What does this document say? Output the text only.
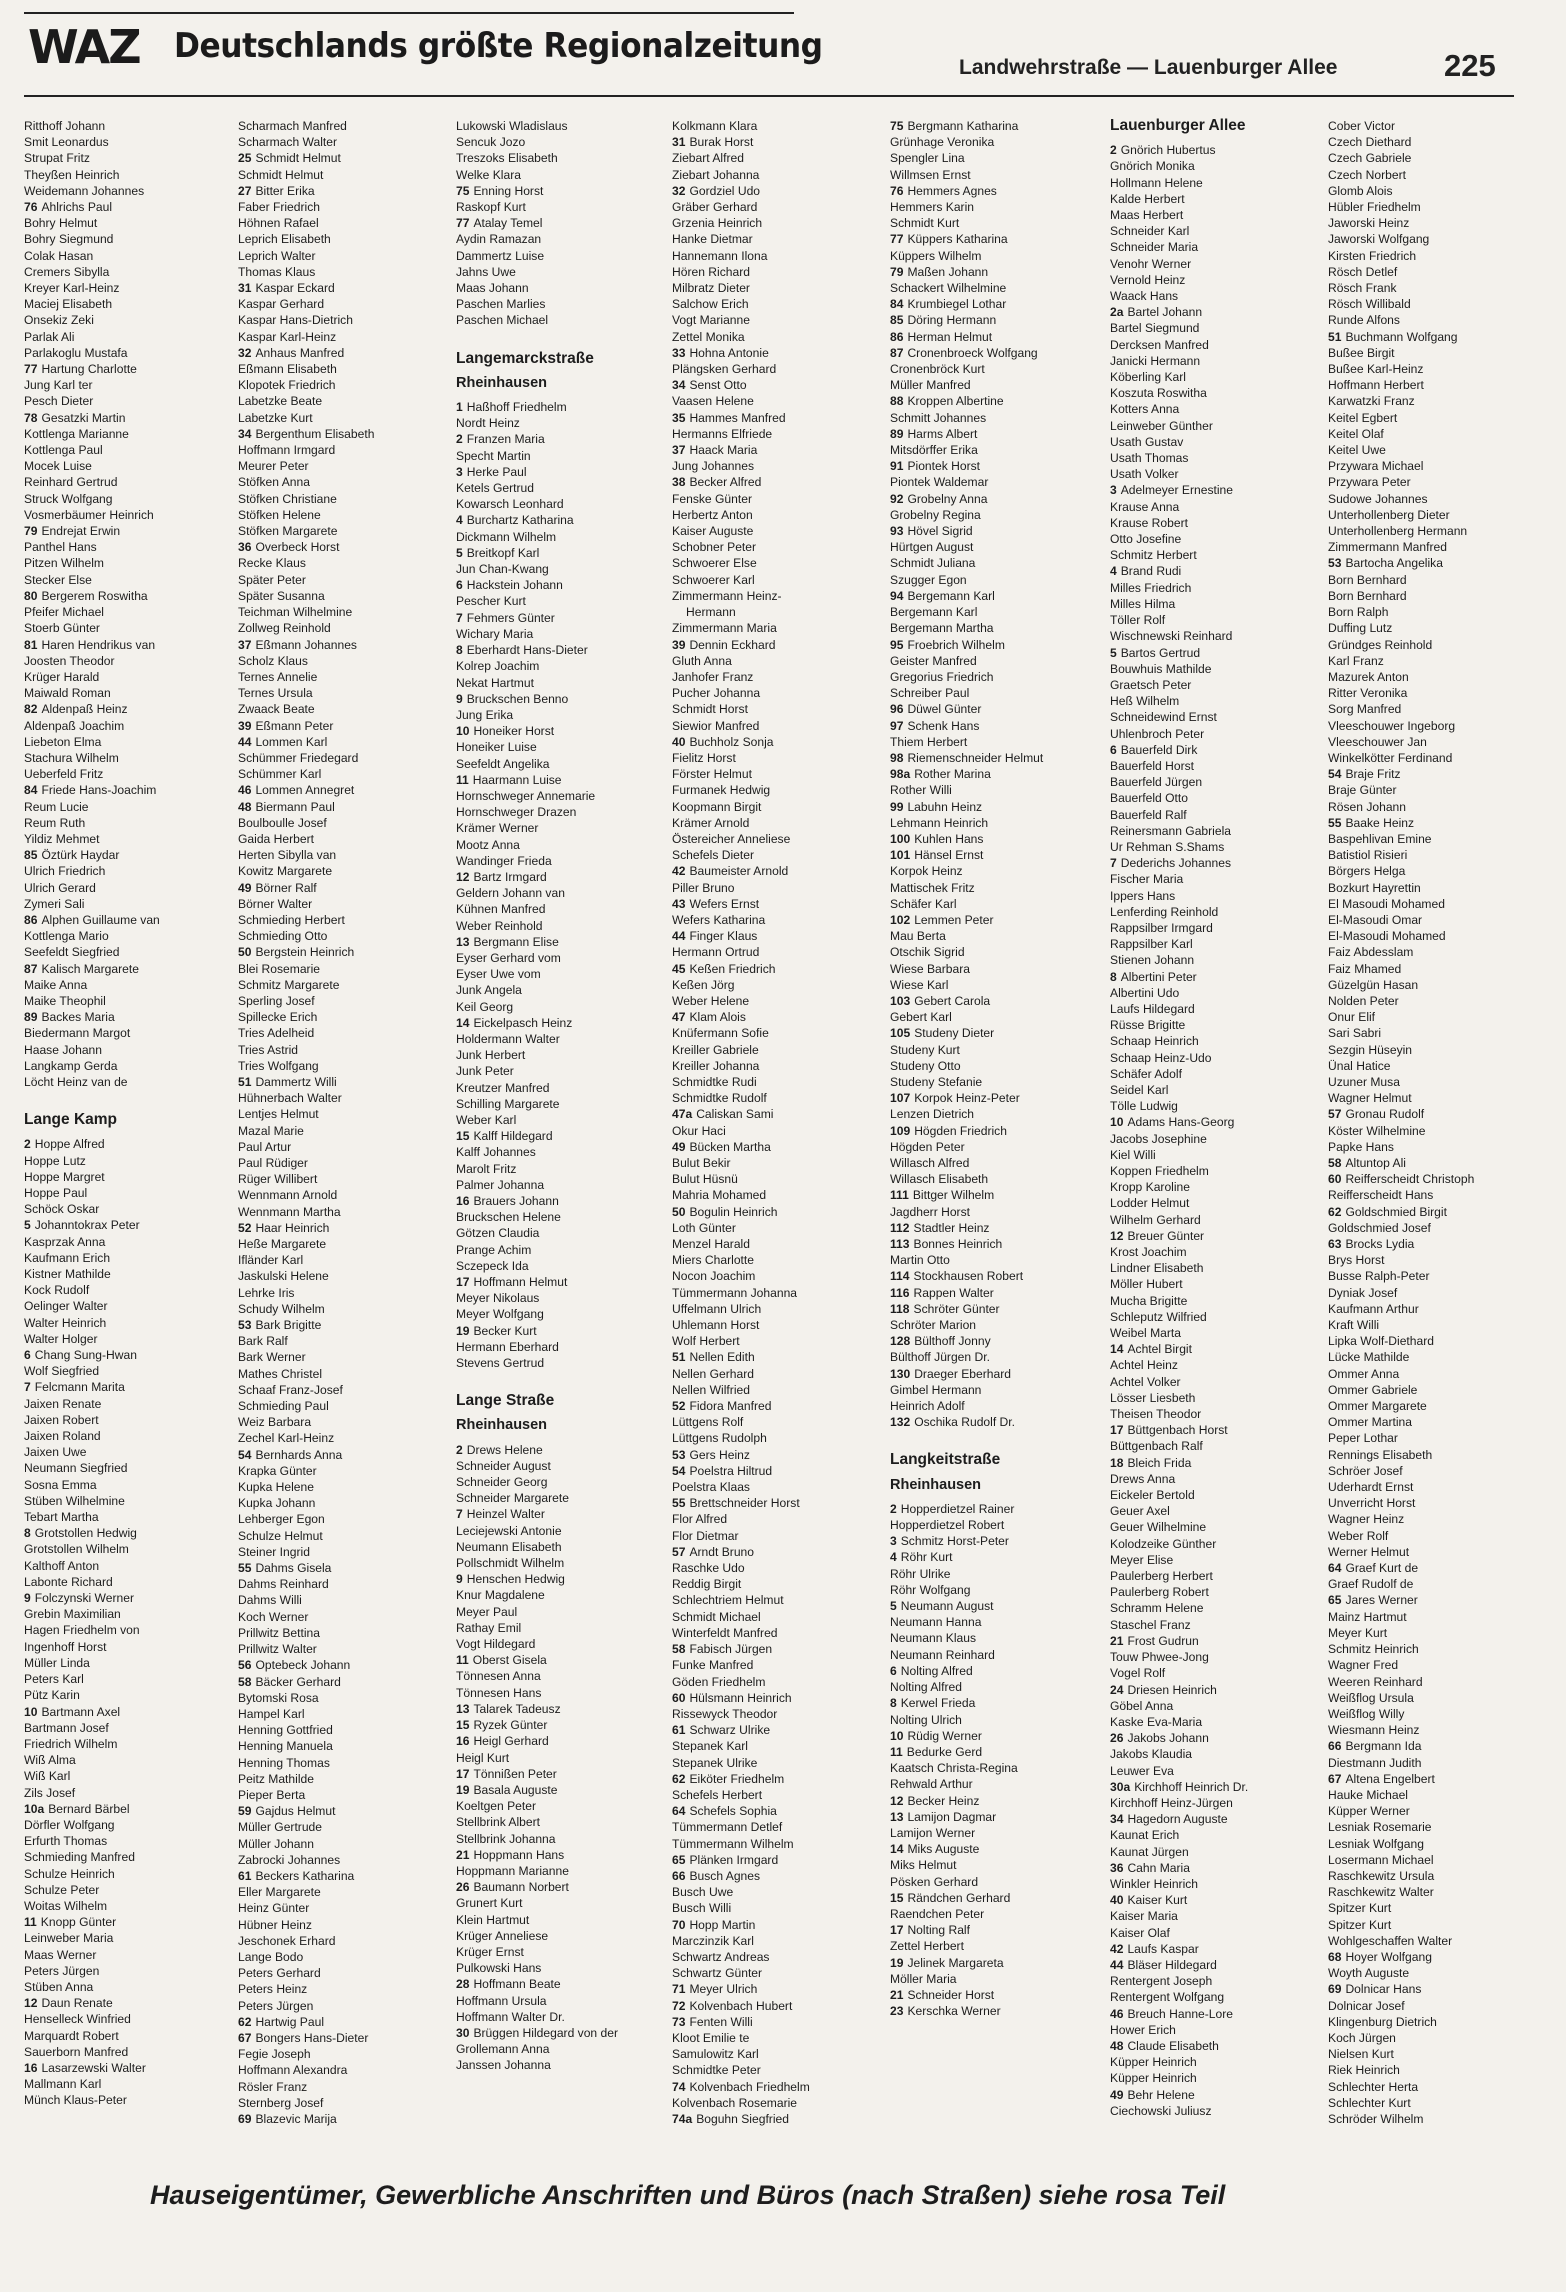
WAZ Deutschlands größte Regionalzeitung
Landwehrstraße — Lauenburger Allee	225
Ritthoff Johann
Smit Leonardus
Strupat Fritz
Theyßen Heinrich
Weidemann Johannes
76 Ahlrichs Paul
Bohry Helmut
Bohry Siegmund
Colak Hasan
Cremers Sibylla
Kreyer Karl-Heinz
Maciej Elisabeth
Onsekiz Zeki
Parlak Ali
Parlakoglu Mustafa
77 Hartung Charlotte
Jung Karl ter
Pesch Dieter
78 Gesatzki Martin
Kottlenga Marianne
Kottlenga Paul
Mocek Luise
Reinhard Gertrud
Struck Wolfgang
Vosmerbäumer Heinrich
79 Endrejat Erwin
Panthel Hans
Pitzen Wilhelm
Stecker Else
80 Bergerem Roswitha
Pfeifer Michael
Stoerb Günter
81 Haren Hendrikus van
Joosten Theodor
Krüger Harald
Maiwald Roman
82 Aldenpaß Heinz
Aldenpaß Joachim
Liebeton Elma
Stachura Wilhelm
Ueberfeld Fritz
84 Friede Hans-Joachim
Reum Lucie
Reum Ruth
Yildiz Mehmet
85 Öztürk Haydar
Ulrich Friedrich
Ulrich Gerard
Zymeri Sali
86 Alphen Guillaume van
Kottlenga Mario
Seefeldt Siegfried
87 Kalisch Margarete
Maike Anna
Maike Theophil
89 Backes Maria
Biedermann Margot
Haase Johann
Langkamp Gerda
Löcht Heinz van de
Lange Kamp
2 Hoppe Alfred
Hoppe Lutz
Hoppe Margret
Hoppe Paul
Schöck Oskar
5 Johanntokrax Peter
Kasprzak Anna
Kaufmann Erich
Kistner Mathilde
Kock Rudolf
Oelinger Walter
Walter Heinrich
Walter Holger
6 Chang Sung-Hwan
Wolf Siegfried
7 Felcmann Marita
Jaixen Renate
Jaixen Robert
Jaixen Roland
Jaixen Uwe
Neumann Siegfried
Sosna Emma
Stüben Wilhelmine
Tebart Martha
8 Grotstollen Hedwig
Grotstollen Wilhelm
Kalthoff Anton
Labonte Richard
9 Folczynski Werner
Grebin Maximilian
Hagen Friedhelm von
Ingenhoff Horst
Müller Linda
Peters Karl
Pütz Karin
10 Bartmann Axel
Bartmann Josef
Friedrich Wilhelm
Wiß Alma
Wiß Karl
Zils Josef
10a Bernard Bärbel
Dörfler Wolfgang
Erfurth Thomas
Schmieding Manfred
Schulze Heinrich
Schulze Peter
Woitas Wilhelm
11 Knopp Günter
Leinweber Maria
Maas Werner
Peters Jürgen
Stüben Anna
12 Daun Renate
Henselleck Winfried
Marquardt Robert
Sauerborn Manfred
16 Lasarzewski Walter
Mallmann Karl
Münch Klaus-Peter
Scharmach Manfred
Scharmach Walter
25 Schmidt Helmut
Schmidt Helmut
27 Bitter Erika
Faber Friedrich
Höhnen Rafael
Leprich Elisabeth
Leprich Walter
Thomas Klaus
31 Kaspar Eckard
Kaspar Gerhard
Kaspar Hans-Dietrich
Kaspar Karl-Heinz
32 Anhaus Manfred
Eßmann Elisabeth
Klopotek Friedrich
Labetzke Beate
Labetzke Kurt
34 Bergenthum Elisabeth
Hoffmann Irmgard
Meurer Peter
Stöfken Anna
Stöfken Christiane
Stöfken Helene
Stöfken Margarete
36 Overbeck Horst
Recke Klaus
Später Peter
Später Susanna
Teichman Wilhelmine
Zollweg Reinhold
37 Eßmann Johannes
Scholz Klaus
Ternes Annelie
Ternes Ursula
Zwaack Beate
39 Eßmann Peter
44 Lommen Karl
Schümmer Friedegard
Schümmer Karl
46 Lommen Annegret
48 Biermann Paul
Boulboulle Josef
Gaida Herbert
Herten Sibylla van
Kowitz Margarete
49 Börner Ralf
Börner Walter
Schmieding Herbert
Schmieding Otto
50 Bergstein Heinrich
Blei Rosemarie
Schmitz Margarete
Sperling Josef
Spillecke Erich
Tries Adelheid
Tries Astrid
Tries Wolfgang
51 Dammertz Willi
Hühnerbach Walter
Lentjes Helmut
Mazal Marie
Paul Artur
Paul Rüdiger
Rüger Willibert
Wennmann Arnold
Wennmann Martha
52 Haar Heinrich
Heße Margarete
Ifländer Karl
Jaskulski Helene
Lehrke Iris
Schudy Wilhelm
53 Bark Brigitte
Bark Ralf
Bark Werner
Mathes Christel
Schaaf Franz-Josef
Schmieding Paul
Weiz Barbara
Zechel Karl-Heinz
54 Bernhards Anna
Krapka Günter
Kupka Helene
Kupka Johann
Lehberger Egon
Schulze Helmut
Steiner Ingrid
55 Dahms Gisela
Dahms Reinhard
Dahms Willi
Koch Werner
Prillwitz Bettina
Prillwitz Walter
56 Optebeck Johann
58 Bäcker Gerhard
Bytomski Rosa
Hampel Karl
Henning Gottfried
Henning Manuela
Henning Thomas
Peitz Mathilde
Pieper Berta
59 Gajdus Helmut
Müller Gertrude
Müller Johann
Zabrocki Johannes
61 Beckers Katharina
Eller Margarete
Heinz Günter
Hübner Heinz
Jeschonek Erhard
Lange Bodo
Peters Gerhard
Peters Heinz
Peters Jürgen
62 Hartwig Paul
67 Bongers Hans-Dieter
Fegie Joseph
Hoffmann Alexandra
Rösler Franz
Sternberg Josef
69 Blazevic Marija
Lukowski Wladislaus
Sencuk Jozo
Treszoks Elisabeth
Welke Klara
75 Enning Horst
Raskopf Kurt
77 Atalay Temel
Aydin Ramazan
Dammertz Luise
Jahns Uwe
Maas Johann
Paschen Marlies
Paschen Michael
Langemarckstraße
Rheinhausen
1 Haßhoff Friedhelm
Nordt Heinz
2 Franzen Maria
Specht Martin
3 Herke Paul
Ketels Gertrud
Kowarsch Leonhard
4 Burchartz Katharina
Dickmann Wilhelm
5 Breitkopf Karl
Jun Chan-Kwang
6 Hackstein Johann
Pescher Kurt
7 Fehmers Günter
Wichary Maria
8 Eberhardt Hans-Dieter
Kolrep Joachim
Nekat Hartmut
9 Bruckschen Benno
Jung Erika
10 Honeiker Horst
Honeiker Luise
Seefeldt Angelika
11 Haarmann Luise
Hornschweger Annemarie
Hornschweger Drazen
Krämer Werner
Mootz Anna
Wandinger Frieda
12 Bartz Irmgard
Geldern Johann van
Kühnen Manfred
Weber Reinhold
13 Bergmann Elise
Eyser Gerhard vom
Eyser Uwe vom
Junk Angela
Keil Georg
14 Eickelpasch Heinz
Holdermann Walter
Junk Herbert
Junk Peter
Kreutzer Manfred
Schilling Margarete
Weber Karl
15 Kalff Hildegard
Kalff Johannes
Marolt Fritz
Palmer Johanna
16 Brauers Johann
Bruckschen Helene
Götzen Claudia
Prange Achim
Sczepeck Ida
17 Hoffmann Helmut
Meyer Nikolaus
Meyer Wolfgang
19 Becker Kurt
Hermann Eberhard
Stevens Gertrud
Lange Straße
Rheinhausen
2 Drews Helene
Schneider August
Schneider Georg
Schneider Margarete
7 Heinzel Walter
Leciejewski Antonie
Neumann Elisabeth
Pollschmidt Wilhelm
9 Henschen Hedwig
Knur Magdalene
Meyer Paul
Rathay Emil
Vogt Hildegard
11 Oberst Gisela
Tönnesen Anna
Tönnesen Hans
13 Talarek Tadeusz
15 Ryzek Günter
16 Heigl Gerhard
Heigl Kurt
17 Tönnißen Peter
19 Basala Auguste
Koeltgen Peter
Stellbrink Albert
Stellbrink Johanna
21 Hoppmann Hans
Hoppmann Marianne
26 Baumann Norbert
Grunert Kurt
Klein Hartmut
Krüger Anneliese
Krüger Ernst
Pulkowski Hans
28 Hoffmann Beate
Hoffmann Ursula
Hoffmann Walter Dr.
30 Brüggen Hildegard von der
Grollemann Anna
Janssen Johanna
Kolkmann Klara
31 Burak Horst
Ziebart Alfred
Ziebart Johanna
32 Gordziel Udo
Gräber Gerhard
Grzenia Heinrich
Hanke Dietmar
Hannemann Ilona
Hören Richard
Milbratz Dieter
Salchow Erich
Vogt Marianne
Zettel Monika
33 Hohna Antonie
Plängsken Gerhard
34 Senst Otto
Vaasen Helene
35 Hammes Manfred
Hermanns Elfriede
37 Haack Maria
Jung Johannes
38 Becker Alfred
Fenske Günter
Herbertz Anton
Kaiser Auguste
Schobner Peter
Schwoerer Else
Schwoerer Karl
Zimmermann Heinz-
Hermann
Zimmermann Maria
39 Dennin Eckhard
Gluth Anna
Janhofer Franz
Pucher Johanna
Schmidt Horst
Siewior Manfred
40 Buchholz Sonja
Fielitz Horst
Förster Helmut
Furmanek Hedwig
Koopmann Birgit
Krämer Arnold
Östereicher Anneliese
Schefels Dieter
42 Baumeister Arnold
Piller Bruno
43 Wefers Ernst
Wefers Katharina
44 Finger Klaus
Hermann Ortrud
45 Keßen Friedrich
Keßen Jörg
Weber Helene
47 Klam Alois
Knüfermann Sofie
Kreiller Gabriele
Kreiller Johanna
Schmidtke Rudi
Schmidtke Rudolf
47a Caliskan Sami
Okur Haci
49 Bücken Martha
Bulut Bekir
Bulut Hüsnü
Mahria Mohamed
50 Bogulin Heinrich
Loth Günter
Menzel Harald
Miers Charlotte
Nocon Joachim
Tümmermann Johanna
Uffelmann Ulrich
Uhlemann Horst
Wolf Herbert
51 Nellen Edith
Nellen Gerhard
Nellen Wilfried
52 Fidora Manfred
Lüttgens Rolf
Lüttgens Rudolph
53 Gers Heinz
54 Poelstra Hiltrud
Poelstra Klaas
55 Brettschneider Horst
Flor Alfred
Flor Dietmar
57 Arndt Bruno
Raschke Udo
Reddig Birgit
Schlechtriem Helmut
Schmidt Michael
Winterfeldt Manfred
58 Fabisch Jürgen
Funke Manfred
Göden Friedhelm
60 Hülsmann Heinrich
Rissewyck Theodor
61 Schwarz Ulrike
Stepanek Karl
Stepanek Ulrike
62 Eiköter Friedhelm
Schefels Herbert
64 Schefels Sophia
Tümmermann Detlef
Tümmermann Wilhelm
65 Plänken Irmgard
66 Busch Agnes
Busch Uwe
Busch Willi
70 Hopp Martin
Marczinzik Karl
Schwartz Andreas
Schwartz Günter
71 Meyer Ulrich
72 Kolvenbach Hubert
73 Fenten Willi
Kloot Emilie te
Samulowitz Karl
Schmidtke Peter
74 Kolvenbach Friedhelm
Kolvenbach Rosemarie
74a Boguhn Siegfried
75 Bergmann Katharina
Grünhage Veronika
Spengler Lina
Willmsen Ernst
76 Hemmers Agnes
Hemmers Karin
Schmidt Kurt
77 Küppers Katharina
Küppers Wilhelm
79 Maßen Johann
Schackert Wilhelmine
84 Krumbiegel Lothar
85 Döring Hermann
86 Herman Helmut
87 Cronenbroeck Wolfgang
Cronenbröck Kurt
Müller Manfred
88 Kroppen Albertine
Schmitt Johannes
89 Harms Albert
Mitsdörffer Erika
91 Piontek Horst
Piontek Waldemar
92 Grobelny Anna
Grobelny Regina
93 Hövel Sigrid
Hürtgen August
Schmidt Juliana
Szugger Egon
94 Bergemann Karl
Bergemann Karl
Bergemann Martha
95 Froebrich Wilhelm
Geister Manfred
Gregorius Friedrich
Schreiber Paul
96 Düwel Günter
97 Schenk Hans
Thiem Herbert
98 Riemenschneider Helmut
98a Rother Marina
Rother Willi
99 Labuhn Heinz
Lehmann Heinrich
100 Kuhlen Hans
101 Hänsel Ernst
Korpok Heinz
Mattischek Fritz
Schäfer Karl
102 Lemmen Peter
Mau Berta
Otschik Sigrid
Wiese Barbara
Wiese Karl
103 Gebert Carola
Gebert Karl
105 Studeny Dieter
Studeny Kurt
Studeny Otto
Studeny Stefanie
107 Korpok Heinz-Peter
Lenzen Dietrich
109 Högden Friedrich
Högden Peter
Willasch Alfred
Willasch Elisabeth
111 Bittger Wilhelm
Jagdherr Horst
112 Stadtler Heinz
113 Bonnes Heinrich
Martin Otto
114 Stockhausen Robert
116 Rappen Walter
118 Schröter Günter
Schröter Marion
128 Bülthoff Jonny
Bülthoff Jürgen Dr.
130 Draeger Eberhard
Gimbel Hermann
Heinrich Adolf
132 Oschika Rudolf Dr.
Langkeitstraße
Rheinhausen
2 Hopperdietzel Rainer
Hopperdietzel Robert
3 Schmitz Horst-Peter
4 Röhr Kurt
Röhr Ulrike
Röhr Wolfgang
5 Neumann August
Neumann Hanna
Neumann Klaus
Neumann Reinhard
6 Nolting Alfred
Nolting Alfred
8 Kerwel Frieda
Nolting Ulrich
10 Rüdig Werner
11 Bedurke Gerd
Kaatsch Christa-Regina
Rehwald Arthur
12 Becker Heinz
13 Lamijon Dagmar
Lamijon Werner
14 Miks Auguste
Miks Helmut
Pösken Gerhard
15 Rändchen Gerhard
Raendchen Peter
17 Nolting Ralf
Zettel Herbert
19 Jelinek Margareta
Möller Maria
21 Schneider Horst
23 Kerschka Werner
Lauenburger Allee
2 Gnörich Hubertus
Gnörich Monika
Hollmann Helene
Kalde Herbert
Maas Herbert
Schneider Karl
Schneider Maria
Venohr Werner
Vernold Heinz
Waack Hans
2a Bartel Johann
Bartel Siegmund
Dercksen Manfred
Janicki Hermann
Köberling Karl
Koszuta Roswitha
Kotters Anna
Leinweber Günther
Usath Gustav
Usath Thomas
Usath Volker
3 Adelmeyer Ernestine
Krause Anna
Krause Robert
Otto Josefine
Schmitz Herbert
4 Brand Rudi
Milles Friedrich
Milles Hilma
Töller Rolf
Wischnewski Reinhard
5 Bartos Gertrud
Bouwhuis Mathilde
Graetsch Peter
Heß Wilhelm
Schneidewind Ernst
Uhlenbroch Peter
6 Bauerfeld Dirk
Bauerfeld Horst
Bauerfeld Jürgen
Bauerfeld Otto
Bauerfeld Ralf
Reinersmann Gabriela
Ur Rehman S.Shams
7 Dederichs Johannes
Fischer Maria
Ippers Hans
Lenferding Reinhold
Rappsilber Irmgard
Rappsilber Karl
Stienen Johann
8 Albertini Peter
Albertini Udo
Laufs Hildegard
Rüsse Brigitte
Schaap Heinrich
Schaap Heinz-Udo
Schäfer Adolf
Seidel Karl
Tölle Ludwig
10 Adams Hans-Georg
Jacobs Josephine
Kiel Willi
Koppen Friedhelm
Kropp Karoline
Lodder Helmut
Wilhelm Gerhard
12 Breuer Günter
Krost Joachim
Lindner Elisabeth
Möller Hubert
Mucha Brigitte
Schleputz Wilfried
Weibel Marta
14 Achtel Birgit
Achtel Heinz
Achtel Volker
Lösser Liesbeth
Theisen Theodor
17 Büttgenbach Horst
Büttgenbach Ralf
18 Bleich Frida
Drews Anna
Eickeler Bertold
Geuer Axel
Geuer Wilhelmine
Kolodzeike Günther
Meyer Elise
Paulerberg Herbert
Paulerberg Robert
Schramm Helene
Staschel Franz
21 Frost Gudrun
Touw Phwee-Jong
Vogel Rolf
24 Driesen Heinrich
Göbel Anna
Kaske Eva-Maria
26 Jakobs Johann
Jakobs Klaudia
Leuwer Eva
30a Kirchhoff Heinrich Dr.
Kirchhoff Heinz-Jürgen
34 Hagedorn Auguste
Kaunat Erich
Kaunat Jürgen
36 Cahn Maria
Winkler Heinrich
40 Kaiser Kurt
Kaiser Maria
Kaiser Olaf
42 Laufs Kaspar
44 Bläser Hildegard
Rentergent Joseph
Rentergent Wolfgang
46 Breuch Hanne-Lore
Hower Erich
48 Claude Elisabeth
Küpper Heinrich
Küpper Heinrich
49 Behr Helene
Ciechowski Juliusz
Cober Victor
Czech Diethard
Czech Gabriele
Czech Norbert
Glomb Alois
Hübler Friedhelm
Jaworski Heinz
Jaworski Wolfgang
Kirsten Friedrich
Rösch Detlef
Rösch Frank
Rösch Willibald
Runde Alfons
51 Buchmann Wolfgang
Bußee Birgit
Bußee Karl-Heinz
Hoffmann Herbert
Karwatzki Franz
Keitel Egbert
Keitel Olaf
Keitel Uwe
Przywara Michael
Przywara Peter
Sudowe Johannes
Unterhollenberg Dieter
Unterhollenberg Hermann
Zimmermann Manfred
53 Bartocha Angelika
Born Bernhard
Born Bernhard
Born Ralph
Duffing Lutz
Gründges Reinhold
Karl Franz
Mazurek Anton
Ritter Veronika
Sorg Manfred
Vleeschouwer Ingeborg
Vleeschouwer Jan
Winkelkötter Ferdinand
54 Braje Fritz
Braje Günter
Rösen Johann
55 Baake Heinz
Baspehlivan Emine
Batistiol Risieri
Börgers Helga
Bozkurt Hayrettin
El Masoudi Mohamed
El-Masoudi Omar
El-Masoudi Mohamed
Faiz Abdesslam
Faiz Mhamed
Güzelgün Hasan
Nolden Peter
Onur Elif
Sari Sabri
Sezgin Hüseyin
Ünal Hatice
Uzuner Musa
Wagner Helmut
57 Gronau Rudolf
Köster Wilhelmine
Papke Hans
58 Altuntop Ali
60 Reifferscheidt Christoph
Reifferscheidt Hans
62 Goldschmied Birgit
Goldschmied Josef
63 Brocks Lydia
Brys Horst
Busse Ralph-Peter
Dyniak Josef
Kaufmann Arthur
Kraft Willi
Lipka Wolf-Diethard
Lücke Mathilde
Ommer Anna
Ommer Gabriele
Ommer Margarete
Ommer Martina
Peper Lothar
Rennings Elisabeth
Schröer Josef
Uderhardt Ernst
Unverricht Horst
Wagner Heinz
Weber Rolf
Werner Helmut
64 Graef Kurt de
Graef Rudolf de
65 Jares Werner
Mainz Hartmut
Meyer Kurt
Schmitz Heinrich
Wagner Fred
Weeren Reinhard
Weißflog Ursula
Weißflog Willy
Wiesmann Heinz
66 Bergmann Ida
Diestmann Judith
67 Altena Engelbert
Hauke Michael
Küpper Werner
Lesniak Rosemarie
Lesniak Wolfgang
Losermann Michael
Raschkewitz Ursula
Raschkewitz Walter
Spitzer Kurt
Spitzer Kurt
Wohlgeschaffen Walter
68 Hoyer Wolfgang
Woyth Auguste
69 Dolnicar Hans
Dolnicar Josef
Klingenburg Dietrich
Koch Jürgen
Nielsen Kurt
Riek Heinrich
Schlechter Herta
Schlechter Kurt
Schröder Wilhelm
Hauseigentümer, Gewerbliche Anschriften und Büros (nach Straßen) siehe rosa Teil
